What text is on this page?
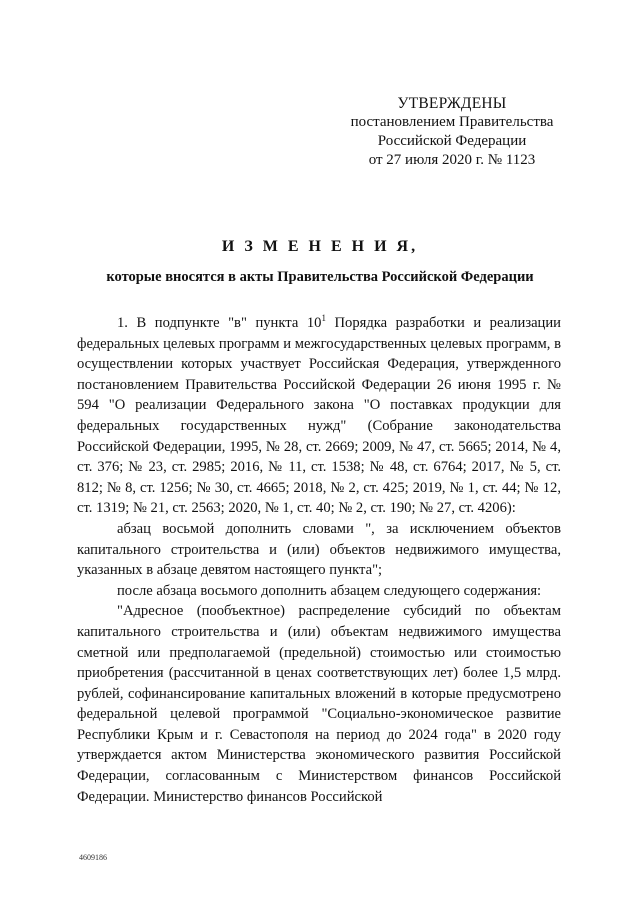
УТВЕРЖДЕНЫ
постановлением Правительства
Российской Федерации
от 27 июля 2020 г. № 1123
И З М Е Н Е Н И Я,
которые вносятся в акты Правительства Российской Федерации

1. В подпункте "в" пункта $10^1$ Порядка разработки и реализации федеральных целевых программ и межгосударственных целевых программ, в осуществлении которых участвует Российская Федерация, утвержденного постановлением Правительства Российской Федерации 26 июня 1995 г. № 594 "О реализации Федерального закона "О поставках продукции для федеральных государственных нужд" (Собрание законодательства Российской Федерации, 1995, № 28, ст. 2669; 2009, № 47, ст. 5665; 2014, № 4, ст. 376; № 23, ст. 2985; 2016, № 11, ст. 1538; № 48, ст. 6764; 2017, № 5, ст. 812; № 8, ст. 1256; № 30, ст. 4665; 2018, № 2, ст. 425; 2019, № 1, ст. 44; № 12, ст. 1319; № 21, ст. 2563; 2020, № 1, ст. 40; № 2, ст. 190; № 27, ст. 4206):

абзац восьмой дополнить словами ", за исключением объектов капитального строительства и (или) объектов недвижимого имущества, указанных в абзаце девятом настоящего пункта";

после абзаца восьмого дополнить абзацем следующего содержания:

"Адресное (пообъектное) распределение субсидий по объектам капитального строительства и (или) объектам недвижимого имущества сметной или предполагаемой (предельной) стоимостью или стоимостью приобретения (рассчитанной в ценах соответствующих лет) более 1,5 млрд. рублей, софинансирование капитальных вложений в которые предусмотрено федеральной целевой программой "Социально-экономическое развитие Республики Крым и г. Севастополя на период до 2024 года" в 2020 году утверждается актом Министерства экономического развития Российской Федерации, согласованным с Министерством финансов Российской Федерации. Министерство финансов Российской

4609186
